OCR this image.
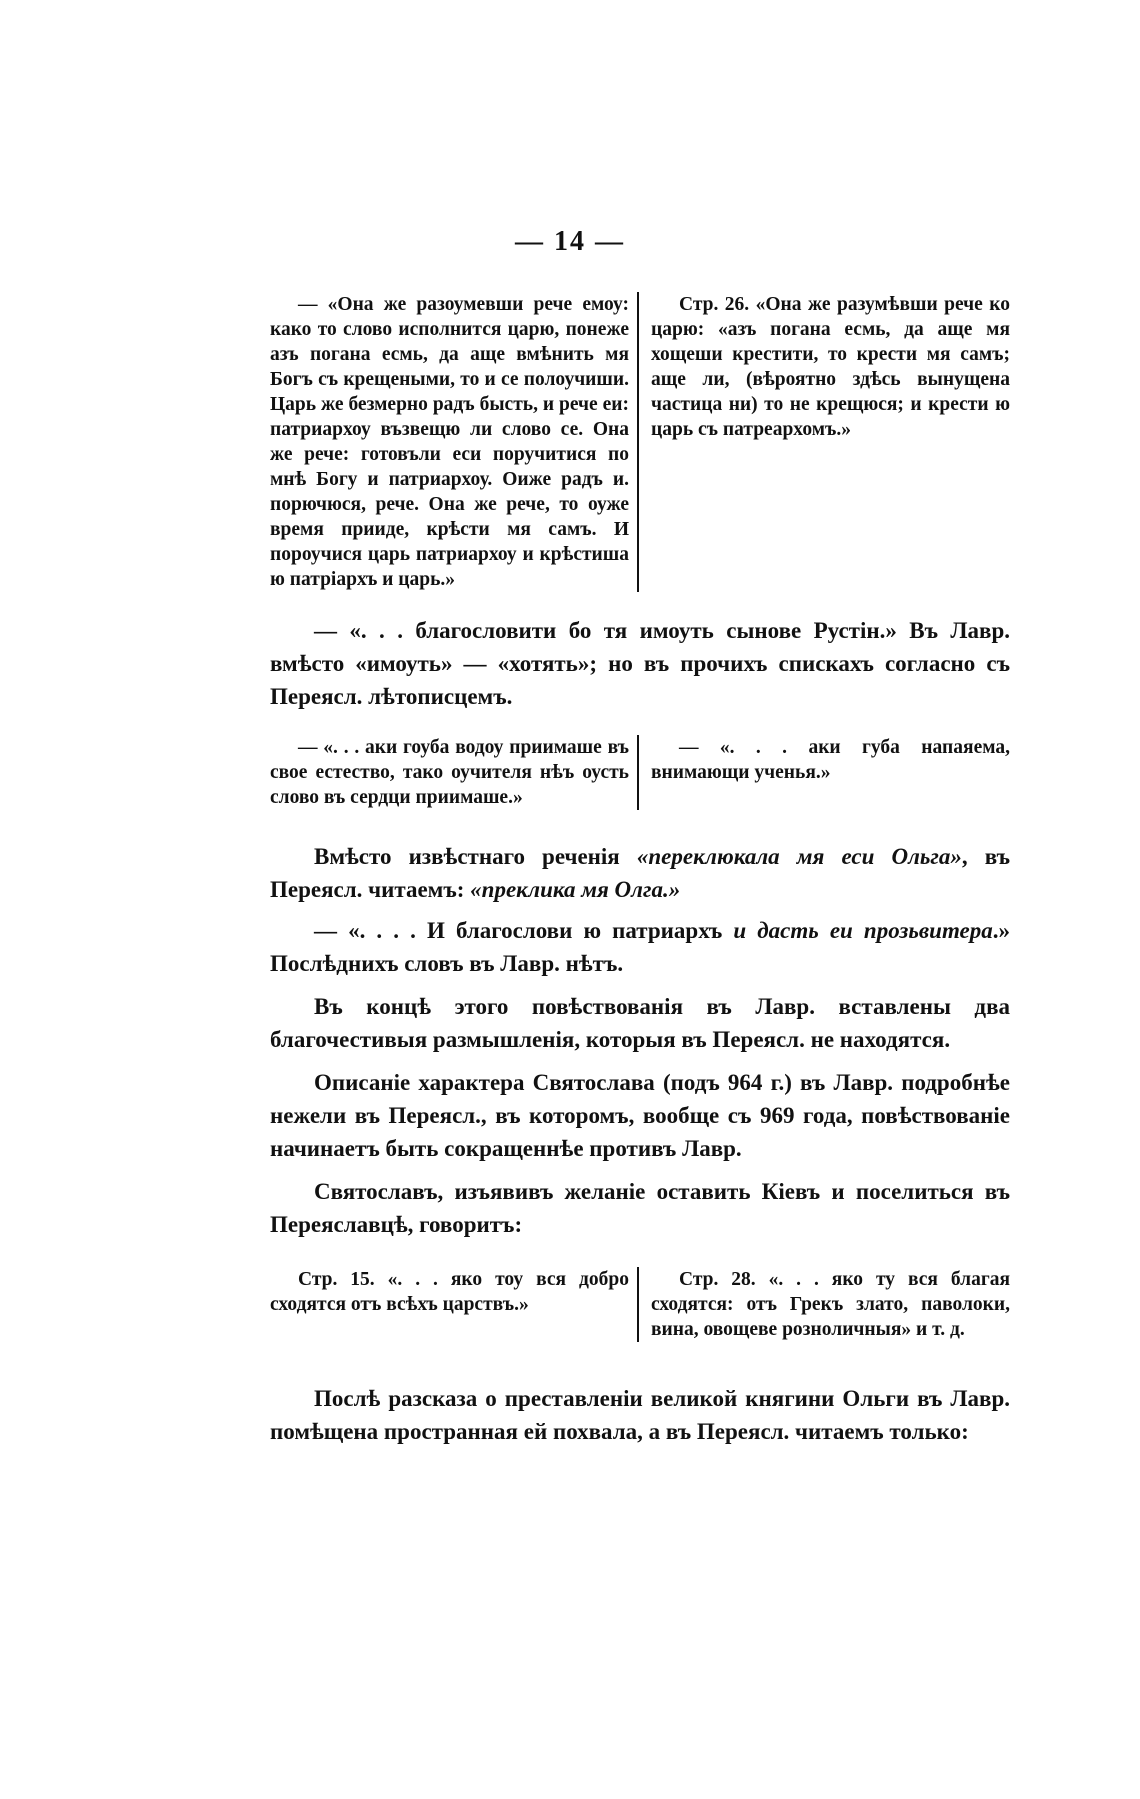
— 14 —

— «Она же разоумевши рече емоу: како то слово исполнится царю, понеже азъ погана есмь, да аще вмѣнить мя Богъ съ крещеными, то и се полоучиши. Царь же безмерно радъ бысть, и рече еи: патриархоу възвещю ли слово се. Она же рече: готовъли еси поручитися по мнѣ Богу и патриархоу. Оиже радъ и. порючюся, рече. Она же рече, то оуже время прииде, крѣсти мя самъ. И пороучися царь патриархоу и крѣстиша ю патріархъ и царь.»

Стр. 26. «Она же разумѣвши рече ко царю: «азъ погана есмь, да аще мя хощеши крестити, то крести мя самъ; аще ли, (вѣроятно здѣсь вынущена частица ни) то не крещюся; и крести ю царь съ патреархомъ.»

— «. . . благословити бо тя имоуть сынове Рустін.» Въ Лавр. вмѣсто «имоуть» — «хотять»; но въ прочихъ спискахъ согласно съ Переясл. лѣтописцемъ.

— «. . . аки гоуба водоу приимаше въ свое естество, тако оучителя нѣъ оусть слово въ сердци приимаше.»

— «. . . аки губа напаяема, внимающи ученья.»

Вмѣсто извѣстнаго реченія «переклюкала мя еси Ольга», въ Переясл. читаемъ: «преклика мя Олга.»

— «. . . . И благослови ю патриархъ и дасть еи прозьвитера.» Послѣднихъ словъ въ Лавр. нѣтъ.

Въ концѣ этого повѣствованія въ Лавр. вставлены два благочестивыя размышленія, которыя въ Переясл. не находятся.

Описаніе характера Святослава (подъ 964 г.) въ Лавр. подробнѣе нежели въ Переясл., въ которомъ, вообще съ 969 года, повѣствованіе начинаетъ быть сокращеннѣе противъ Лавр.

Святославъ, изъявивъ желаніе оставить Кіевъ и поселиться въ Переяславцѣ, говоритъ:

Стр. 15. «. . . яко тоу вся добро сходятся отъ всѣхъ царствъ.»

Стр. 28. «. . . яко ту вся благая сходятся: отъ Грекъ злато, паволоки, вина, овощеве розноличныя» и т. д.

Послѣ разсказа о преставленіи великой княгини Ольги въ Лавр. помѣщена пространная ей похвала, а въ Переясл. читаемъ только:
